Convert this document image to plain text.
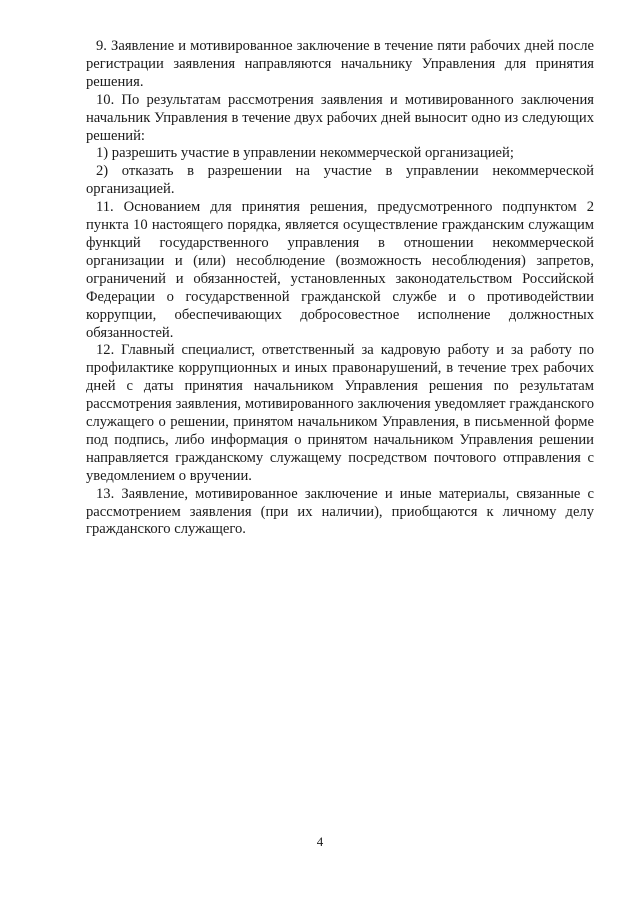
9. Заявление и мотивированное заключение в течение пяти рабочих дней после регистрации заявления направляются начальнику Управления для принятия решения.

10. По результатам рассмотрения заявления и мотивированного заключения начальник Управления в течение двух рабочих дней выносит одно из следующих решений:

1) разрешить участие в управлении некоммерческой организацией;

2) отказать в разрешении на участие в управлении некоммерческой организацией.

11. Основанием для принятия решения, предусмотренного подпунктом 2 пункта 10 настоящего порядка, является осуществление гражданским служащим функций государственного управления в отношении некоммерческой организации и (или) несоблюдение (возможность несоблюдения) запретов, ограничений и обязанностей, установленных законодательством Российской Федерации о государственной гражданской службе и о противодействии коррупции, обеспечивающих добросовестное исполнение должностных обязанностей.

12. Главный специалист, ответственный за кадровую работу и за работу по профилактике коррупционных и иных правонарушений, в течение трех рабочих дней с даты принятия начальником Управления решения по результатам рассмотрения заявления, мотивированного заключения уведомляет гражданского служащего о решении, принятом начальником Управления, в письменной форме под подпись, либо информация о принятом начальником Управления решении направляется гражданскому служащему посредством почтового отправления с уведомлением о вручении.

13. Заявление, мотивированное заключение и иные материалы, связанные с рассмотрением заявления (при их наличии), приобщаются к личному делу гражданского служащего.

4
